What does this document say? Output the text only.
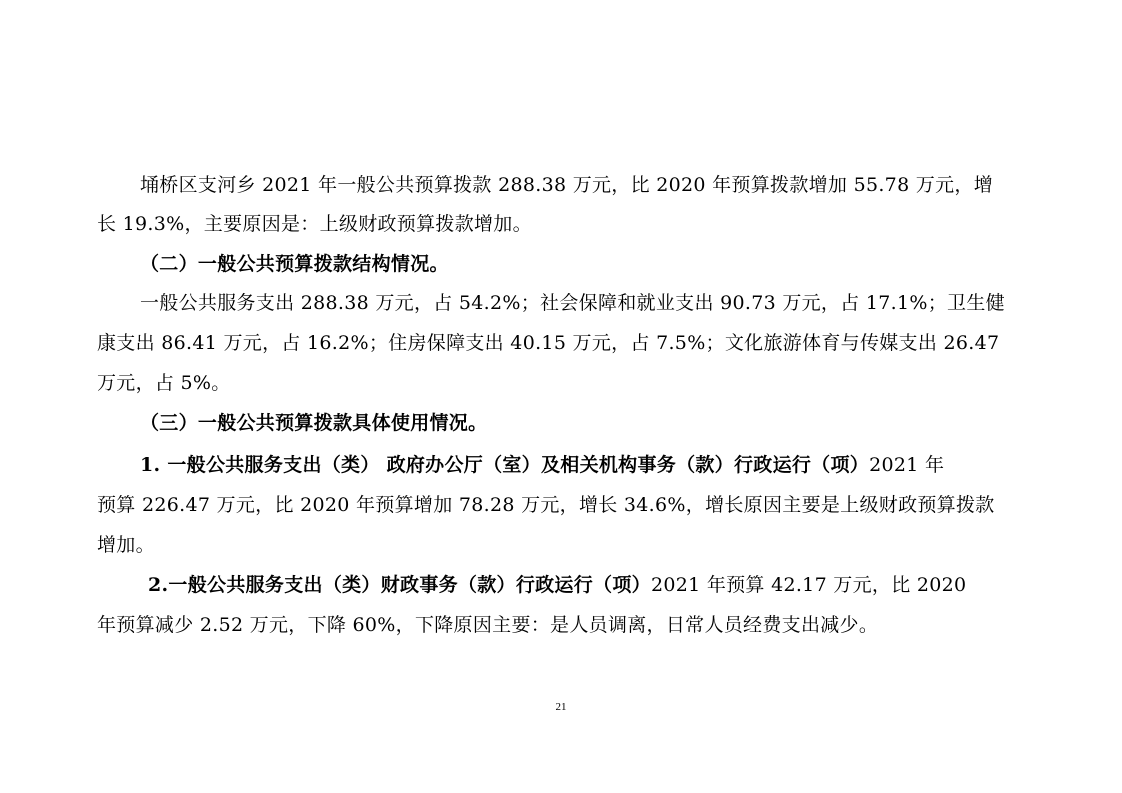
埇桥区支河乡 2021 年一般公共预算拨款 288.38 万元，比 2020 年预算拨款增加 55.78 万元，增
长 19.3%，主要原因是：上级财政预算拨款增加。
（二）一般公共预算拨款结构情况。
一般公共服务支出 288.38 万元，占 54.2%；社会保障和就业支出 90.73 万元，占 17.1%；卫生健
康支出 86.41 万元，占 16.2%；住房保障支出 40.15 万元，占 7.5%；文化旅游体育与传媒支出 26.47
万元，占 5%。
（三）一般公共预算拨款具体使用情况。
1. 一般公共服务支出（类） 政府办公厅（室）及相关机构事务（款）行政运行（项）2021 年
预算 226.47 万元，比 2020 年预算增加 78.28 万元，增长 34.6%，增长原因主要是上级财政预算拨款
增加。
2.一般公共服务支出（类）财政事务（款）行政运行（项）2021 年预算 42.17 万元，比 2020
年预算减少 2.52 万元，下降 60%，下降原因主要：是人员调离，日常人员经费支出减少。
21
